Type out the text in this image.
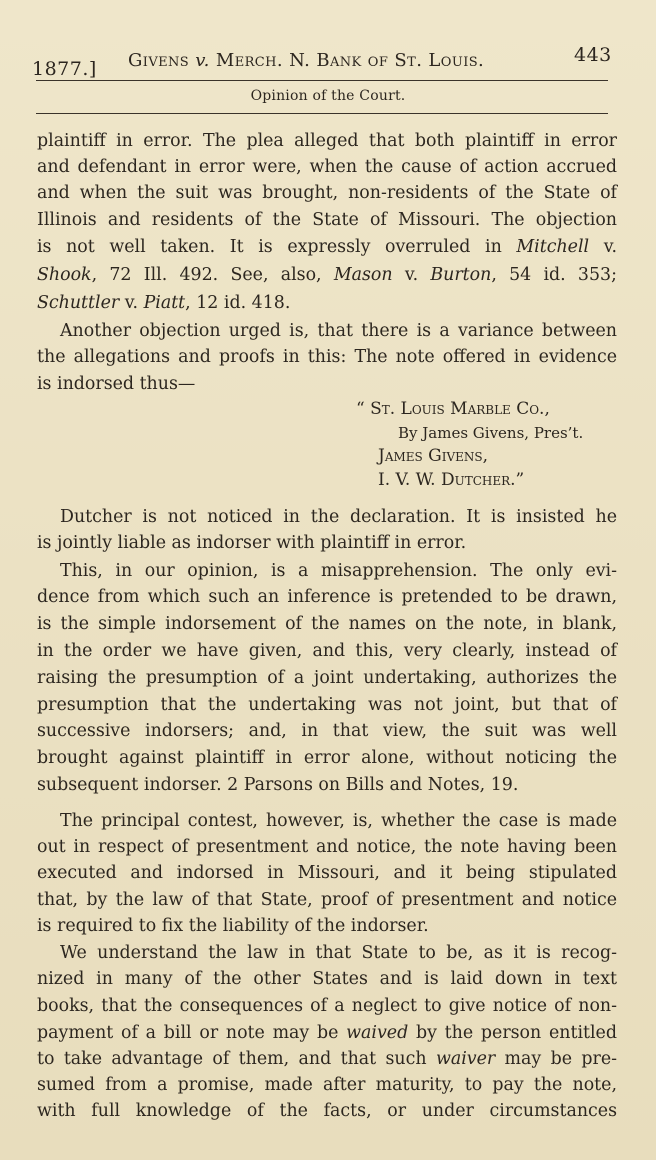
1877.] Givens v. Merch. N. Bank of St. Louis.	443
Opinion of the Court.
plaintiff in error. The plea alleged that both plaintiff in error
and defendant in error were, when the cause of action accrued
and when the suit was brought, non-residents of the State of
Illinois and residents of the State of Missouri. The objection
is not well taken. It is expressly overruled in Mitchell v.
Shook, 72 Ill. 492. See, also, Mason v. Burton, 54 id. 353;
Schuttler v. Piatt, 12 id. 418.
Another objection urged is, that there is a variance between
the allegations and proofs in this: The note offered in evidence
is indorsed thus—
“ St. Louis Marble Co.,
By James Givens, Pres’t.
James Givens,
I. V. W. Dutcher.”
Dutcher is not noticed in the declaration. It is insisted he
is jointly liable as indorser with plaintiff in error.
This, in our opinion, is a misapprehension. The only evi-
dence from which such an inference is pretended to be drawn,
is the simple indorsement of the names on the note, in blank,
in the order we have given, and this, very clearly, instead of
raising the presumption of a joint undertaking, authorizes the
presumption that the undertaking was not joint, but that of
successive indorsers; and, in that view, the suit was well
brought against plaintiff in error alone, without noticing the
subsequent indorser. 2 Parsons on Bills and Notes, 19.
The principal contest, however, is, whether the case is made
out in respect of presentment and notice, the note having been
executed and indorsed in Missouri, and it being stipulated
that, by the law of that State, proof of presentment and notice
is required to fix the liability of the indorser.
We understand the law in that State to be, as it is recog-
nized in many of the other States and is laid down in text
books, that the consequences of a neglect to give notice of non-
payment of a bill or note may be waived by the person entitled
to take advantage of them, and that such waiver may be pre-
sumed from a promise, made after maturity, to pay the note,
with full knowledge of the facts, or under circumstances
